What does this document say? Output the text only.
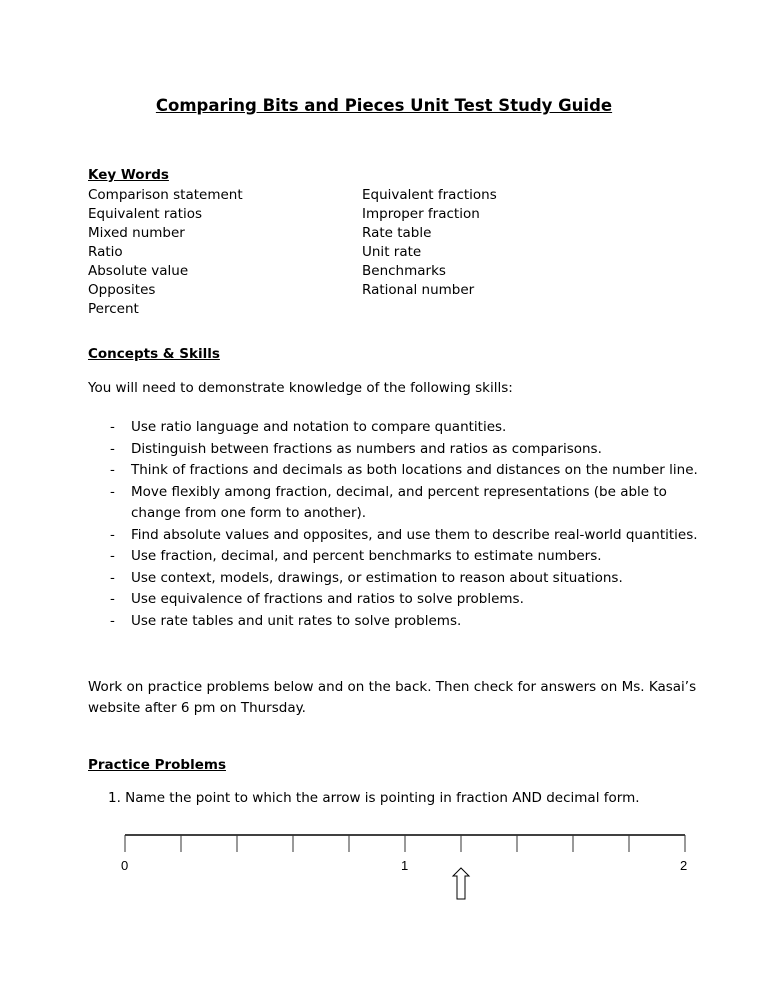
Comparing Bits and Pieces Unit Test Study Guide
Key Words
Comparison statement
Equivalent ratios
Mixed number
Ratio
Absolute value
Opposites
Percent
Equivalent fractions
Improper fraction
Rate table
Unit rate
Benchmarks
Rational number
Concepts & Skills
You will need to demonstrate knowledge of the following skills:
- Use ratio language and notation to compare quantities.
- Distinguish between fractions as numbers and ratios as comparisons.
- Think of fractions and decimals as both locations and distances on the number line.
- Move flexibly among fraction, decimal, and percent representations (be able to
change from one form to another).
- Find absolute values and opposites, and use them to describe real-world quantities.
- Use fraction, decimal, and percent benchmarks to estimate numbers.
- Use context, models, drawings, or estimation to reason about situations.
- Use equivalence of fractions and ratios to solve problems.
- Use rate tables and unit rates to solve problems.
Work on practice problems below and on the back. Then check for answers on Ms. Kasai’s
website after 6 pm on Thursday.
Practice Problems
1. Name the point to which the arrow is pointing in fraction AND decimal form.
0	1	2
